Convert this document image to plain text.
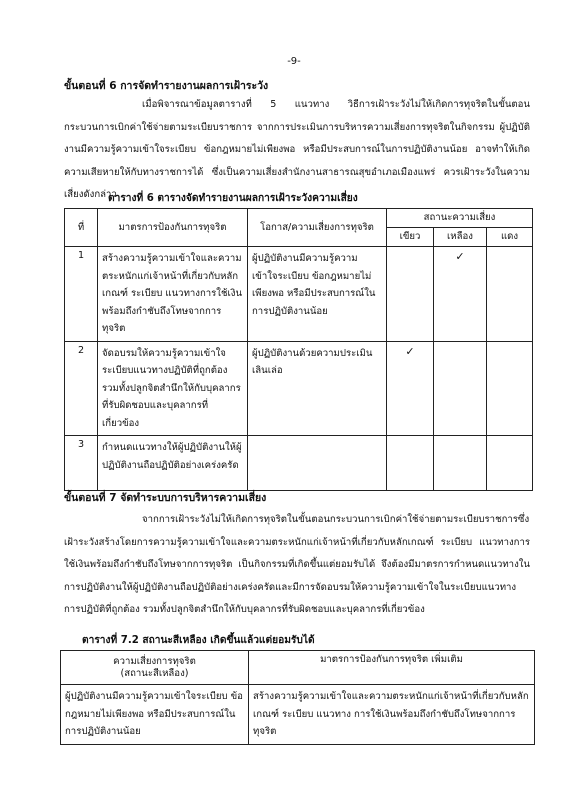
-9-
ขั้นตอนที่ 6 การจัดทำรายงานผลการเฝ้าระวัง
เมื่อพิจารณาข้อมูลตารางที่ 5 แนวทาง วิธีการเฝ้าระวังไม่ให้เกิดการทุจริตในขั้นตอนกระบวนการเบิกค่าใช้จ่ายตามระเบียบราชการ จากการประเมินการบริหารความเสี่ยงการทุจริตในกิจกรรม ผู้ปฏิบัติงานมีความรู้ความเข้าใจระเบียบ ข้อกฎหมายไม่เพียงพอ หรือมีประสบการณ์ในการปฏิบัติงานน้อย อาจทำให้เกิดความเสียหายให้กับทางราชการได้ ซึ่งเป็นความเสี่ยงสำนักงานสาธารณสุขอำเภอเมืองแพร่ ควรเฝ้าระวังในความเสี่ยงดังกล่าว
ตารางที่ 6 ตารางจัดทำรายงานผลการเฝ้าระวังความเสี่ยง
ที่	มาตรการป้องกันการทุจริต	โอกาส/ความเสี่ยงการทุจริต	สถานะความเสี่ยง		
			เขียว	เหลือง	แดง
1	สร้างความรู้ความเข้าใจและความตระหนักแก่เจ้าหน้าที่เกี่ยวกับหลักเกณฑ์ ระเบียบ แนวทางการใช้เงินพร้อมถึงกำชับถึงโทษจากการทุจริต	ผู้ปฏิบัติงานมีความรู้ความเข้าใจระเบียบ ข้อกฎหมายไม่เพียงพอ หรือมีประสบการณ์ในการปฏิบัติงานน้อย		✓	
2	จัดอบรมให้ความรู้ความเข้าใจระเบียบแนวทางปฏิบัติที่ถูกต้อง รวมทั้งปลูกจิตสำนึกให้กับบุคลากรที่รับผิดชอบและบุคลากรที่เกี่ยวข้อง	ผู้ปฏิบัติงานด้วยความประเมินเลินเล่อ	✓		
3	กำหนดแนวทางให้ผู้ปฏิบัติงานให้ผู้ปฏิบัติงานถือปฏิบัติอย่างเคร่งครัด				
ขั้นตอนที่ 7 จัดทำระบบการบริหารความเสี่ยง
จากการเฝ้าระวังไม่ให้เกิดการทุจริตในขั้นตอนกระบวนการเบิกค่าใช้จ่ายตามระเบียบราชการซึ่งเฝ้าระวังสร้างโดยการความรู้ความเข้าใจและความตระหนักแก่เจ้าหน้าที่เกี่ยวกับหลักเกณฑ์ ระเบียบ แนวทางการใช้เงินพร้อมถึงกำชับถึงโทษจากการทุจริต เป็นกิจกรรมที่เกิดขึ้นแต่ยอมรับได้ จึงต้องมีมาตรการกำหนดแนวทางในการปฏิบัติงานให้ผู้ปฏิบัติงานถือปฏิบัติอย่างเคร่งครัดและมีการจัดอบรมให้ความรู้ความเข้าใจในระเบียบแนวทางการปฏิบัติที่ถูกต้อง รวมทั้งปลูกจิตสำนึกให้กับบุคลากรที่รับผิดชอบและบุคลากรที่เกี่ยวข้อง
ตารางที่ 7.2 สถานะสีเหลือง เกิดขึ้นแล้วแต่ยอมรับได้
ความเสี่ยงการทุจริต
(สถานะสีเหลือง)	มาตรการป้องกันการทุจริต เพิ่มเติม
ผู้ปฏิบัติงานมีความรู้ความเข้าใจระเบียบ ข้อกฎหมายไม่เพียงพอ หรือมีประสบการณ์ในการปฏิบัติงานน้อย	สร้างความรู้ความเข้าใจและความตระหนักแก่เจ้าหน้าที่เกี่ยวกับหลักเกณฑ์ ระเบียบ แนวทาง การใช้เงินพร้อมถึงกำชับถึงโทษจากการทุจริต
